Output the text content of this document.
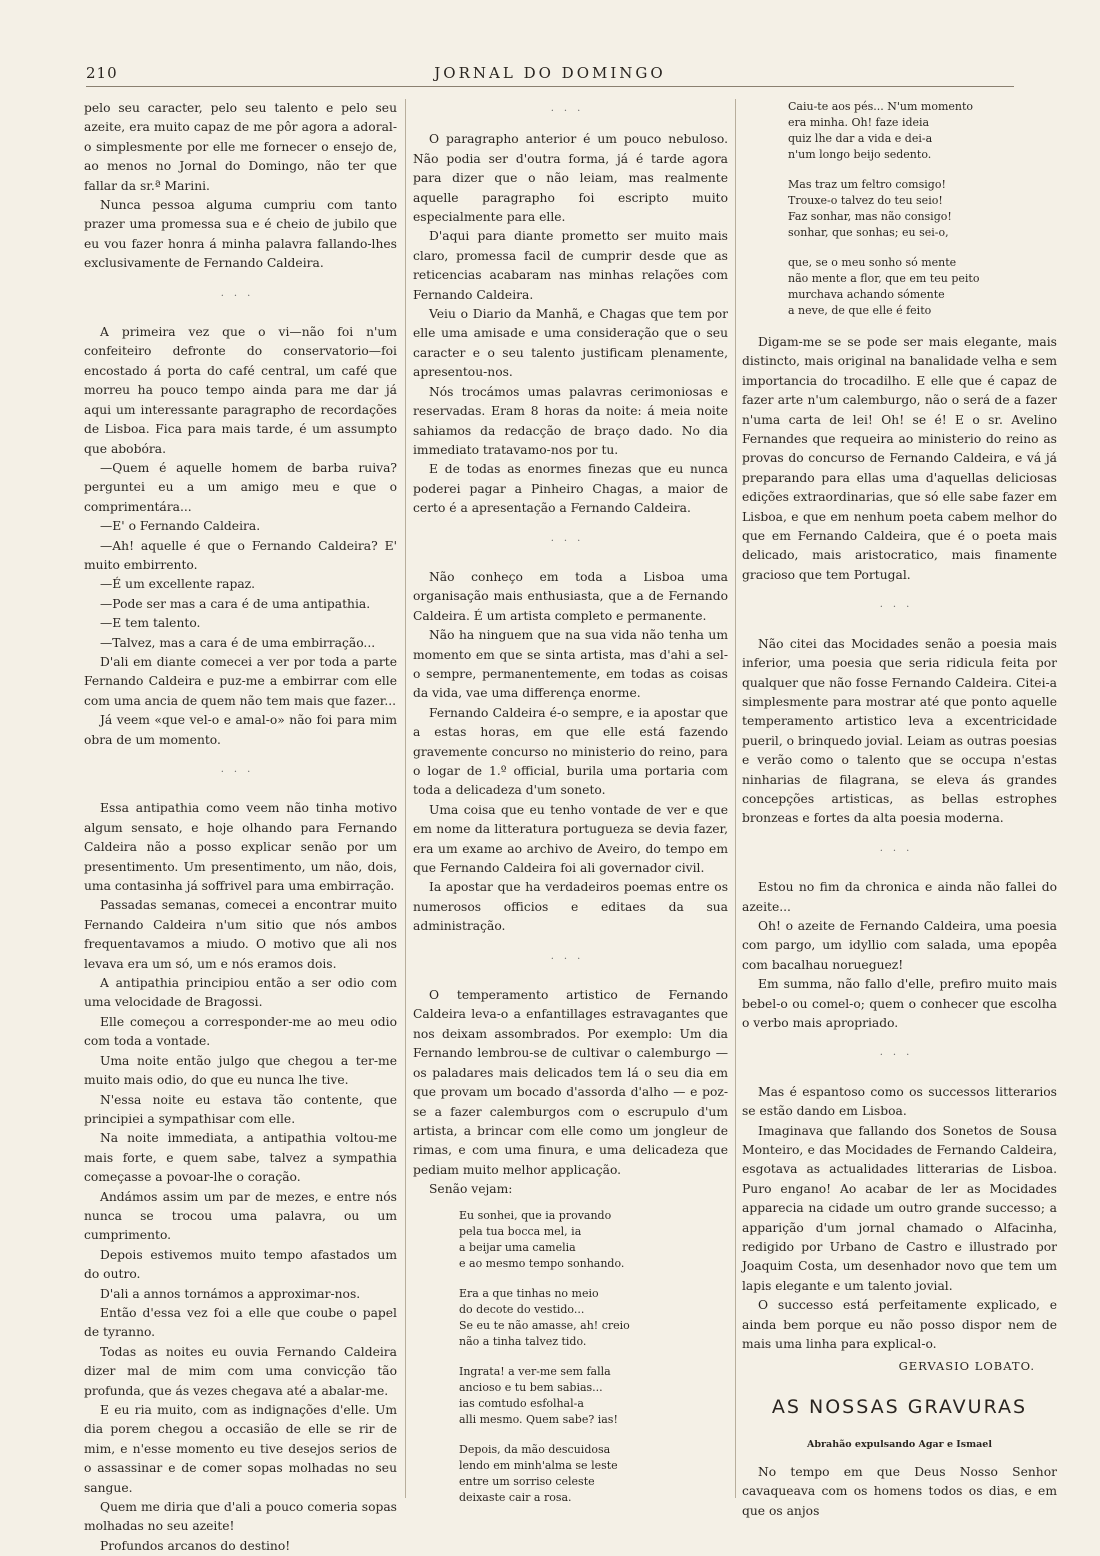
210	JORNAL DO DOMINGO

pelo seu caracter, pelo seu talento e pelo seu azeite, era muito capaz de me pôr agora a adoral-o simplesmente por elle me fornecer o ensejo de, ao menos no Jornal do Domingo, não ter que fallar da sr.ª Marini.

Nunca pessoa alguma cumpriu com tanto prazer uma promessa sua e é cheio de jubilo que eu vou fazer honra á minha palavra fallando-lhes exclusivamente de Fernando Caldeira.

...

A primeira vez que o vi—não foi n'um confeiteiro defronte do conservatorio—foi encostado á porta do café central, um café que morreu ha pouco tempo ainda para me dar já aqui um interessante paragrapho de recordações de Lisboa. Fica para mais tarde, é um assumpto que abobóra.

—Quem é aquelle homem de barba ruiva? perguntei eu a um amigo meu e que o comprimentára...

—E' o Fernando Caldeira.

—Ah! aquelle é que o Fernando Caldeira? E' muito embirrento.

—É um excellente rapaz.

—Pode ser mas a cara é de uma antipathia.

—E tem talento.

—Talvez, mas a cara é de uma embirração...

D'ali em diante comecei a ver por toda a parte Fernando Caldeira e puz-me a embirrar com elle com uma ancia de quem não tem mais que fazer...

Já veem «que vel-o e amal-o» não foi para mim obra de um momento.

...

Essa antipathia como veem não tinha motivo algum sensato, e hoje olhando para Fernando Caldeira não a posso explicar senão por um presentimento. Um presentimento, um não, dois, uma contasinha já soffrivel para uma embirração.

Passadas semanas, comecei a encontrar muito Fernando Caldeira n'um sitio que nós ambos frequentavamos a miudo. O motivo que ali nos levava era um só, um e nós eramos dois.

A antipathia principiou então a ser odio com uma velocidade de Bragossi.

Elle começou a corresponder-me ao meu odio com toda a vontade.

Uma noite então julgo que chegou a ter-me muito mais odio, do que eu nunca lhe tive.

N'essa noite eu estava tão contente, que principiei a sympathisar com elle.

Na noite immediata, a antipathia voltou-me mais forte, e quem sabe, talvez a sympathia começasse a povoar-lhe o coração.

Andámos assim um par de mezes, e entre nós nunca se trocou uma palavra, ou um cumprimento.

Depois estivemos muito tempo afastados um do outro.

D'ali a annos tornámos a approximar-nos.

Então d'essa vez foi a elle que coube o papel de tyranno.

Todas as noites eu ouvia Fernando Caldeira dizer mal de mim com uma convicção tão profunda, que ás vezes chegava até a abalar-me.

E eu ria muito, com as indignações d'elle. Um dia porem chegou a occasião de elle se rir de mim, e n'esse momento eu tive desejos serios de o assassinar e de comer sopas molhadas no seu sangue.

Quem me diria que d'ali a pouco comeria sopas molhadas no seu azeite!

Profundos arcanos do destino!

...

O paragrapho anterior é um pouco nebuloso. Não podia ser d'outra forma, já é tarde agora para dizer que o não leiam, mas realmente aquelle paragrapho foi escripto muito especialmente para elle.

D'aqui para diante prometto ser muito mais claro, promessa facil de cumprir desde que as reticencias acabaram nas minhas relações com Fernando Caldeira.

Veiu o Diario da Manhã, e Chagas que tem por elle uma amisade e uma consideração que o seu caracter e o seu talento justificam plenamente, apresentou-nos.

Nós trocámos umas palavras cerimoniosas e reservadas. Eram 8 horas da noite: á meia noite sahiamos da redacção de braço dado. No dia immediato tratavamo-nos por tu.

E de todas as enormes finezas que eu nunca poderei pagar a Pinheiro Chagas, a maior de certo é a apresentação a Fernando Caldeira.

...

Não conheço em toda a Lisboa uma organisação mais enthusiasta, que a de Fernando Caldeira. É um artista completo e permanente.

Não ha ninguem que na sua vida não tenha um momento em que se sinta artista, mas d'ahi a sel-o sempre, permanentemente, em todas as coisas da vida, vae uma differença enorme.

Fernando Caldeira é-o sempre, e ia apostar que a estas horas, em que elle está fazendo gravemente concurso no ministerio do reino, para o logar de 1.º official, burila uma portaria com toda a delicadeza d'um soneto.

Uma coisa que eu tenho vontade de ver e que em nome da litteratura portugueza se devia fazer, era um exame ao archivo de Aveiro, do tempo em que Fernando Caldeira foi ali governador civil.

Ia apostar que ha verdadeiros poemas entre os numerosos officios e editaes da sua administração.

...

O temperamento artistico de Fernando Caldeira leva-o a enfantillages estravagantes que nos deixam assombrados. Por exemplo: Um dia Fernando lembrou-se de cultivar o calemburgo —os paladares mais delicados tem lá o seu dia em que provam um bocado d'assorda d'alho — e poz-se a fazer calemburgos com o escrupulo d'um artista, a brincar com elle como um jongleur de rimas, e com uma finura, e uma delicadeza que pediam muito melhor applicação.

Senão vejam:

Eu sonhei, que ia provando
pela tua bocca mel, ia
a beijar uma camelia
e ao mesmo tempo sonhando.
Era a que tinhas no meio
do decote do vestido...
Se eu te não amasse, ah! creio
não a tinha talvez tido.
Ingrata! a ver-me sem falla
ancioso e tu bem sabias...
ias comtudo esfolhal-a
alli mesmo. Quem sabe? ias!
Depois, da mão descuidosa
lendo em minh'alma se leste
entre um sorriso celeste
deixaste cair a rosa.
Caiu-te aos pés... N'um momento
era minha. Oh! faze ideia
quiz lhe dar a vida e dei-a
n'um longo beijo sedento.
Mas traz um feltro comsigo!
Trouxe-o talvez do teu seio!
Faz sonhar, mas não consigo!
sonhar, que sonhas; eu sei-o,
que, se o meu sonho só mente
não mente a flor, que em teu peito
murchava achando sómente
a neve, de que elle é feito

Digam-me se se pode ser mais elegante, mais distincto, mais original na banalidade velha e sem importancia do trocadilho. E elle que é capaz de fazer arte n'um calemburgo, não o será de a fazer n'uma carta de lei! Oh! se é! E o sr. Avelino Fernandes que requeira ao ministerio do reino as provas do concurso de Fernando Caldeira, e vá já preparando para ellas uma d'aquellas deliciosas edições extraordinarias, que só elle sabe fazer em Lisboa, e que em nenhum poeta cabem melhor do que em Fernando Caldeira, que é o poeta mais delicado, mais aristocratico, mais finamente gracioso que tem Portugal.

...

Não citei das Mocidades senão a poesia mais inferior, uma poesia que seria ridicula feita por qualquer que não fosse Fernando Caldeira. Citei-a simplesmente para mostrar até que ponto aquelle temperamento artistico leva a excentricidade pueril, o brinquedo jovial. Leiam as outras poesias e verão como o talento que se occupa n'estas ninharias de filagrana, se eleva ás grandes concepções artisticas, as bellas estrophes bronzeas e fortes da alta poesia moderna.

...

Estou no fim da chronica e ainda não fallei do azeite...

Oh! o azeite de Fernando Caldeira, uma poesia com pargo, um idyllio com salada, uma epopêa com bacalhau norueguez!

Em summa, não fallo d'elle, prefiro muito mais bebel-o ou comel-o; quem o conhecer que escolha o verbo mais apropriado.

...

Mas é espantoso como os successos litterarios se estão dando em Lisboa.

Imaginava que fallando dos Sonetos de Sousa Monteiro, e das Mocidades de Fernando Caldeira, esgotava as actualidades litterarias de Lisboa. Puro engano! Ao acabar de ler as Mocidades apparecia na cidade um outro grande successo; a apparição d'um jornal chamado o Alfacinha, redigido por Urbano de Castro e illustrado por Joaquim Costa, um desenhador novo que tem um lapis elegante e um talento jovial.

O successo está perfeitamente explicado, e ainda bem porque eu não posso dispor nem de mais uma linha para explical-o.

GERVASIO LOBATO.
AS NOSSAS GRAVURAS
Abrahão expulsando Agar e Ismael

No tempo em que Deus Nosso Senhor cavaqueava com os homens todos os dias, e em que os anjos
